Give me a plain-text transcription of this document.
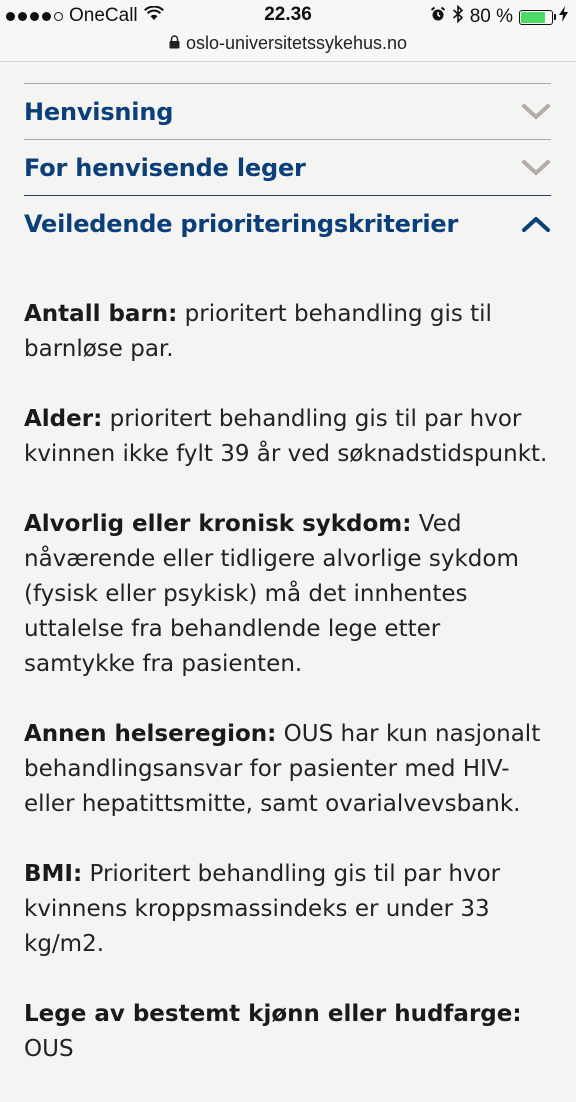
OneCall	22.36	80 %
oslo-universitetssykehus.no
Henvisning
For henvisende leger
Veiledende prioriteringskriterier

Antall barn: prioritert behandling gis til barnløse par.

Alder: prioritert behandling gis til par hvor kvinnen ikke fylt 39 år ved søknadstidspunkt.

Alvorlig eller kronisk sykdom: Ved nåværende eller tidligere alvorlige sykdom (fysisk eller psykisk) må det innhentes uttalelse fra behandlende lege etter samtykke fra pasienten.

Annen helseregion: OUS har kun nasjonalt behandlingsansvar for pasienter med HIV- eller hepatittsmitte, samt ovarialvevsbank.

BMI: Prioritert behandling gis til par hvor kvinnens kroppsmassindeks er under 33 kg/m2.

Lege av bestemt kjønn eller hudfarge: OUS
